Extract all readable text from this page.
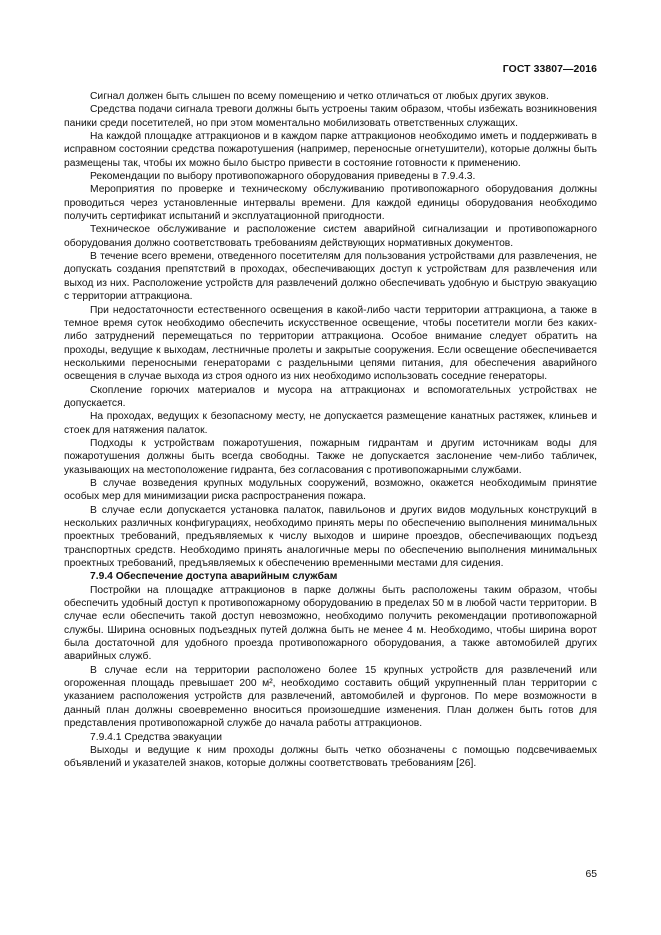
ГОСТ 33807—2016

Сигнал должен быть слышен по всему помещению и четко отличаться от любых других звуков.

Средства подачи сигнала тревоги должны быть устроены таким образом, чтобы избежать возникновения паники среди посетителей, но при этом моментально мобилизовать ответственных служащих.

На каждой площадке аттракционов и в каждом парке аттракционов необходимо иметь и поддерживать в исправном состоянии средства пожаротушения (например, переносные огнетушители), которые должны быть размещены так, чтобы их можно было быстро привести в состояние готовности к применению.

Рекомендации по выбору противопожарного оборудования приведены в 7.9.4.3.

Мероприятия по проверке и техническому обслуживанию противопожарного оборудования должны проводиться через установленные интервалы времени. Для каждой единицы оборудования необходимо получить сертификат испытаний и эксплуатационной пригодности.

Техническое обслуживание и расположение систем аварийной сигнализации и противопожарного оборудования должно соответствовать требованиям действующих нормативных документов.

В течение всего времени, отведенного посетителям для пользования устройствами для развлечения, не допускать создания препятствий в проходах, обеспечивающих доступ к устройствам для развлечения или выход из них. Расположение устройств для развлечений должно обеспечивать удобную и быструю эвакуацию с территории аттракциона.

При недостаточности естественного освещения в какой-либо части территории аттракциона, а также в темное время суток необходимо обеспечить искусственное освещение, чтобы посетители могли без каких-либо затруднений перемещаться по территории аттракциона. Особое внимание следует обратить на проходы, ведущие к выходам, лестничные пролеты и закрытые сооружения. Если освещение обеспечивается несколькими переносными генераторами с раздельными цепями питания, для обеспечения аварийного освещения в случае выхода из строя одного из них необходимо использовать соседние генераторы.

Скопление горючих материалов и мусора на аттракционах и вспомогательных устройствах не допускается.

На проходах, ведущих к безопасному месту, не допускается размещение канатных растяжек, клиньев и стоек для натяжения палаток.

Подходы к устройствам пожаротушения, пожарным гидрантам и другим источникам воды для пожаротушения должны быть всегда свободны. Также не допускается заслонение чем-либо табличек, указывающих на местоположение гидранта, без согласования с противопожарными службами.

В случае возведения крупных модульных сооружений, возможно, окажется необходимым принятие особых мер для минимизации риска распространения пожара.

В случае если допускается установка палаток, павильонов и других видов модульных конструкций в нескольких различных конфигурациях, необходимо принять меры по обеспечению выполнения минимальных проектных требований, предъявляемых к числу выходов и ширине проездов, обеспечивающих подъезд транспортных средств. Необходимо принять аналогичные меры по обеспечению выполнения минимальных проектных требований, предъявляемых к обеспечению временными местами для сидения.

7.9.4 Обеспечение доступа аварийным службам

Постройки на площадке аттракционов в парке должны быть расположены таким образом, чтобы обеспечить удобный доступ к противопожарному оборудованию в пределах 50 м в любой части территории. В случае если обеспечить такой доступ невозможно, необходимо получить рекомендации противопожарной службы. Ширина основных подъездных путей должна быть не менее 4 м. Необходимо, чтобы ширина ворот была достаточной для удобного проезда противопожарного оборудования, а также автомобилей других аварийных служб.

В случае если на территории расположено более 15 крупных устройств для развлечений или огороженная площадь превышает 200 м², необходимо составить общий укрупненный план территории с указанием расположения устройств для развлечений, автомобилей и фургонов. По мере возможности в данный план должны своевременно вноситься произошедшие изменения. План должен быть готов для представления противопожарной службе до начала работы аттракционов.

7.9.4.1 Средства эвакуации

Выходы и ведущие к ним проходы должны быть четко обозначены с помощью подсвечиваемых объявлений и указателей знаков, которые должны соответствовать требованиям [26].

65
